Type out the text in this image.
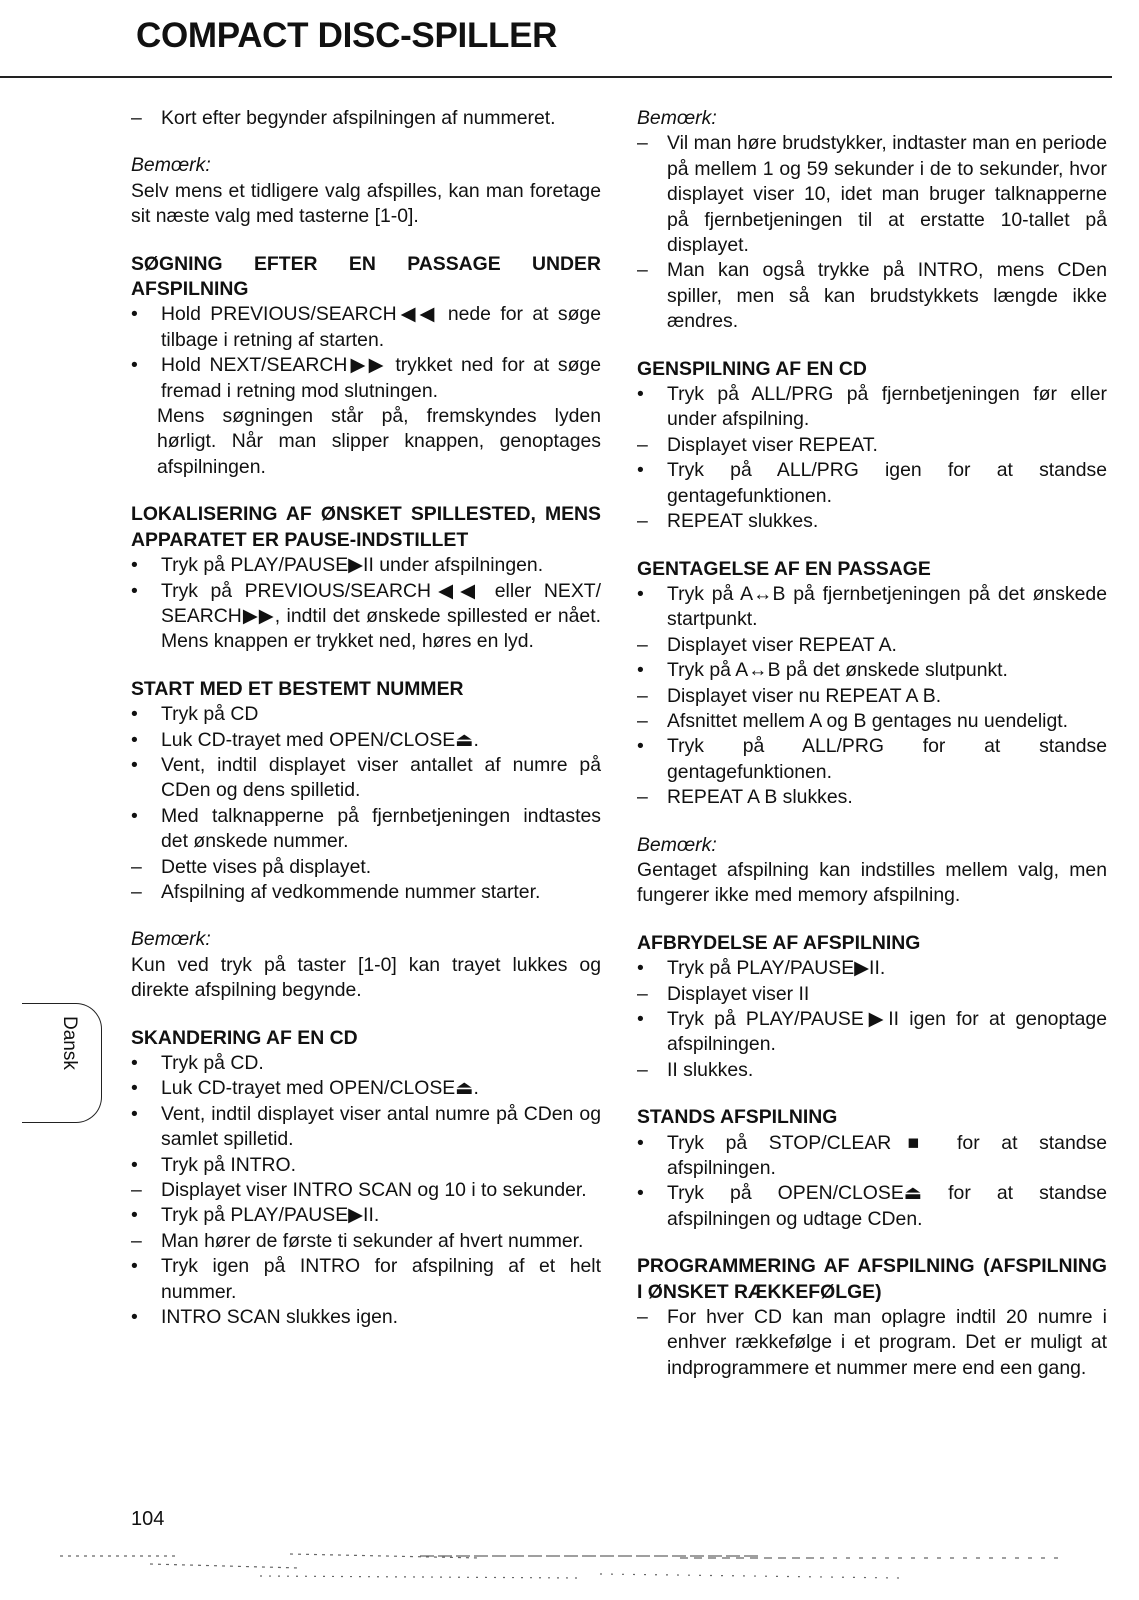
COMPACT DISC-SPILLER
– Kort efter begynder afspilningen af nummeret.
Bemœrk:
Selv mens et tidligere valg afspilles, kan man foretage sit næste valg med tasterne [1-0].
SØGNING EFTER EN PASSAGE UNDER AFSPILNING
•	Hold PREVIOUS/SEARCH◀◀ nede for at søge tilbage i retning af starten.
•	Hold NEXT/SEARCH▶▶ trykket ned for at søge fremad i retning mod slutningen.
Mens søgningen står på, fremskyndes lyden hørligt. Når man slipper knappen, genoptages afspilningen.
LOKALISERING AF ØNSKET SPILLESTED, MENS APPARATET ER PAUSE-INDSTILLET
•	Tryk på PLAY/PAUSE▶II under afspilningen.
•	Tryk på PREVIOUS/SEARCH◀◀ eller NEXT/ SEARCH▶▶, indtil det ønskede spillested er nået. Mens knappen er trykket ned, høres en lyd.
START MED ET BESTEMT NUMMER
•	Tryk på CD
•	Luk CD-trayet med OPEN/CLOSE⏏.
•	Vent, indtil displayet viser antallet af numre på CDen og dens spilletid.
•	Med talknapperne på fjernbetjeningen indtastes det ønskede nummer.
– Dette vises på displayet.
– Afspilning af vedkommende nummer starter.
Bemœrk:
Kun ved tryk på taster [1-0] kan trayet lukkes og direkte afspilning begynde.
SKANDERING AF EN CD
•	Tryk på CD.
•	Luk CD-trayet med OPEN/CLOSE⏏.
•	Vent, indtil displayet viser antal numre på CDen og samlet spilletid.
•	Tryk på INTRO.
– Displayet viser INTRO SCAN og 10 i to sekunder.
•	Tryk på PLAY/PAUSE▶II.
– Man hører de første ti sekunder af hvert nummer.
•	Tryk igen på INTRO for afspilning af et helt nummer.
•	INTRO SCAN slukkes igen.
Bemœrk:
– Vil man høre brudstykker, indtaster man en periode på mellem 1 og 59 sekunder i de to sekunder, hvor displayet viser 10, idet man bruger talknapperne på fjernbetjeningen til at erstatte 10-tallet på displayet.
– Man kan også trykke på INTRO, mens CDen spiller, men så kan brudstykkets længde ikke ændres.
GENSPILNING AF EN CD
•	Tryk på ALL/PRG på fjernbetjeningen før eller under afspilning.
– Displayet viser REPEAT.
•	Tryk på ALL/PRG igen for at standse gentagefunktionen.
– REPEAT slukkes.
GENTAGELSE AF EN PASSAGE
•	Tryk på A↔B på fjernbetjeningen på det ønskede startpunkt.
– Displayet viser REPEAT A.
•	Tryk på A↔B på det ønskede slutpunkt.
– Displayet viser nu REPEAT A B.
– Afsnittet mellem A og B gentages nu uendeligt.
•	Tryk på ALL/PRG for at standse gentagefunktionen.
– REPEAT A B slukkes.
Bemœrk:
Gentaget afspilning kan indstilles mellem valg, men fungerer ikke med memory afspilning.
AFBRYDELSE AF AFSPILNING
•	Tryk på PLAY/PAUSE▶II.
– Displayet viser II
•	Tryk på PLAY/PAUSE▶II igen for at genoptage afspilningen.
– II slukkes.
STANDS AFSPILNING
•	Tryk på STOP/CLEAR■ for at standse afspilningen.
•	Tryk på OPEN/CLOSE⏏ for at standse afspilningen og udtage CDen.
PROGRAMMERING AF AFSPILNING (AFSPILNING I ØNSKET RÆKKEFØLGE)
– For hver CD kan man oplagre indtil 20 numre i enhver rækkefølge i et program. Det er muligt at indprogrammere et nummer mere end een gang.
Dansk
104
